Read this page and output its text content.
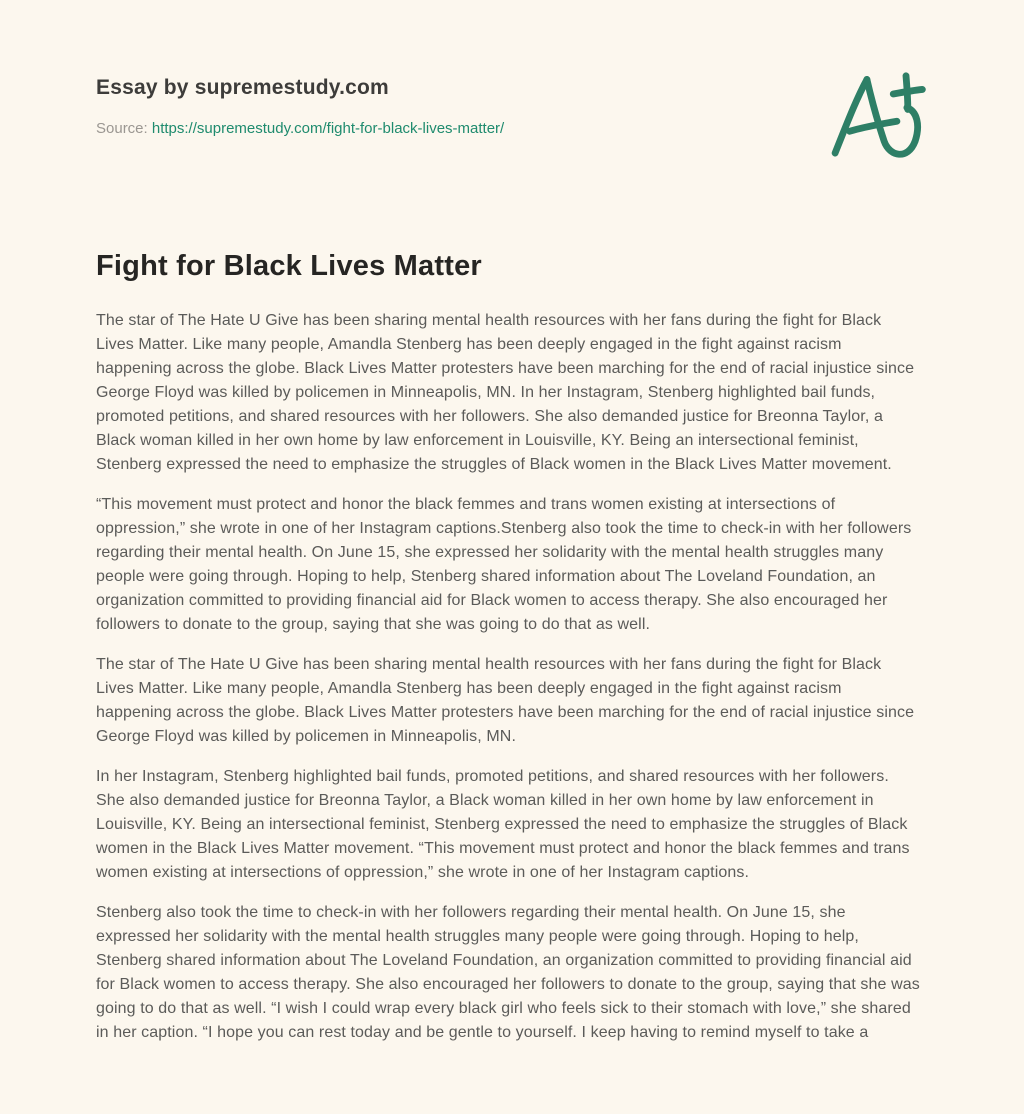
Essay by supremestudy.com
Source: https://supremestudy.com/fight-for-black-lives-matter/
Fight for Black Lives Matter

The star of The Hate U Give has been sharing mental health resources with her fans during the fight for Black Lives Matter. Like many people, Amandla Stenberg has been deeply engaged in the fight against racism happening across the globe. Black Lives Matter protesters have been marching for the end of racial injustice since George Floyd was killed by policemen in Minneapolis, MN. In her Instagram, Stenberg highlighted bail funds, promoted petitions, and shared resources with her followers. She also demanded justice for Breonna Taylor, a Black woman killed in her own home by law enforcement in Louisville, KY. Being an intersectional feminist, Stenberg expressed the need to emphasize the struggles of Black women in the Black Lives Matter movement.

“This movement must protect and honor the black femmes and trans women existing at intersections of oppression,” she wrote in one of her Instagram captions.Stenberg also took the time to check-in with her followers regarding their mental health. On June 15, she expressed her solidarity with the mental health struggles many people were going through. Hoping to help, Stenberg shared information about The Loveland Foundation, an organization committed to providing financial aid for Black women to access therapy. She also encouraged her followers to donate to the group, saying that she was going to do that as well.

The star of The Hate U Give has been sharing mental health resources with her fans during the fight for Black Lives Matter. Like many people, Amandla Stenberg has been deeply engaged in the fight against racism happening across the globe. Black Lives Matter protesters have been marching for the end of racial injustice since George Floyd was killed by policemen in Minneapolis, MN.

In her Instagram, Stenberg highlighted bail funds, promoted petitions, and shared resources with her followers. She also demanded justice for Breonna Taylor, a Black woman killed in her own home by law enforcement in Louisville, KY. Being an intersectional feminist, Stenberg expressed the need to emphasize the struggles of Black women in the Black Lives Matter movement. “This movement must protect and honor the black femmes and trans women existing at intersections of oppression,” she wrote in one of her Instagram captions.

Stenberg also took the time to check-in with her followers regarding their mental health. On June 15, she expressed her solidarity with the mental health struggles many people were going through. Hoping to help, Stenberg shared information about The Loveland Foundation, an organization committed to providing financial aid for Black women to access therapy. She also encouraged her followers to donate to the group, saying that she was going to do that as well. “I wish I could wrap every black girl who feels sick to their stomach with love,” she shared in her caption. “I hope you can rest today and be gentle to yourself. I keep having to remind myself to take a
